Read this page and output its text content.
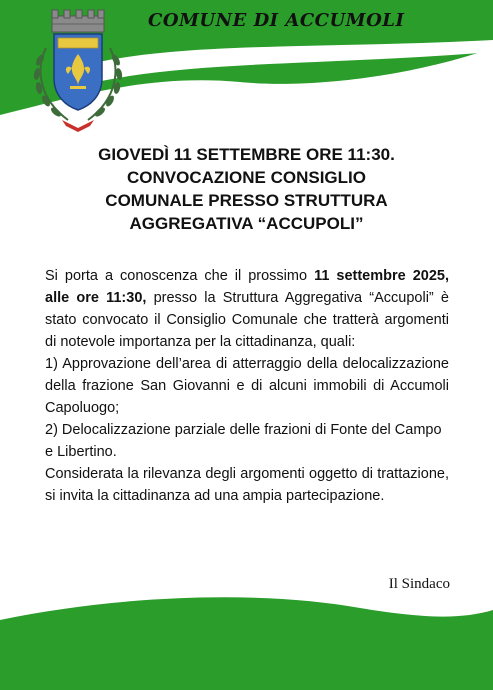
COMUNE DI ACCUMOLI
GIOVEDÌ 11 SETTEMBRE ORE 11:30.
CONVOCAZIONE CONSIGLIO
COMUNALE PRESSO STRUTTURA
AGGREGATIVA “ACCUPOLI”

Si porta a conoscenza che il prossimo 11 settembre 2025, alle ore 11:30, presso la Struttura Aggregativa “Accupoli” è stato convocato il Consiglio Comunale che tratterà argomenti di notevole importanza per la cittadinanza, quali:

1) Approvazione dell’area di atterraggio della delocalizzazione della frazione San Giovanni e di alcuni immobili di Accumoli Capoluogo;

2) Delocalizzazione parziale delle frazioni di Fonte del Campo e Libertino.

Considerata la rilevanza degli argomenti oggetto di trattazione, si invita la cittadinanza ad una ampia partecipazione.

Il Sindaco
